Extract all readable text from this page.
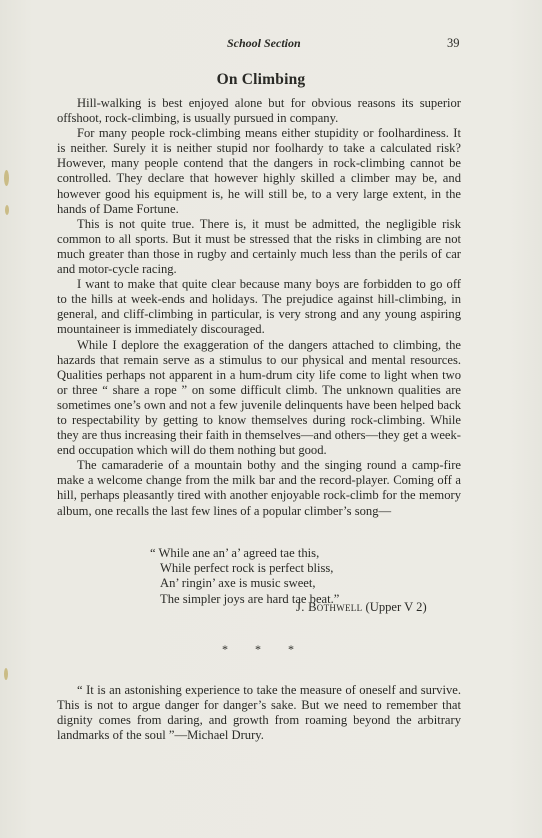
School Section	39
On Climbing

Hill-walking is best enjoyed alone but for obvious reasons its superior offshoot, rock-climbing, is usually pursued in company.

For many people rock-climbing means either stupidity or foolhardiness. It is neither. Surely it is neither stupid nor foolhardy to take a calculated risk? However, many people contend that the dangers in rock-climbing cannot be controlled. They declare that however highly skilled a climber may be, and however good his equipment is, he will still be, to a very large extent, in the hands of Dame Fortune.

This is not quite true. There is, it must be admitted, the negligible risk common to all sports. But it must be stressed that the risks in climbing are not much greater than those in rugby and certainly much less than the perils of car and motor-cycle racing.

I want to make that quite clear because many boys are forbidden to go off to the hills at week-ends and holidays. The prejudice against hill-climbing, in general, and cliff-climbing in particular, is very strong and any young aspiring mountaineer is immediately discouraged.

While I deplore the exaggeration of the dangers attached to climbing, the hazards that remain serve as a stimulus to our physical and mental resources. Qualities perhaps not apparent in a hum-drum city life come to light when two or three “ share a rope ” on some difficult climb. The unknown qualities are sometimes one’s own and not a few juvenile delinquents have been helped back to respectability by getting to know themselves during rock-climbing. While they are thus increasing their faith in themselves—and others—they get a week-end occupation which will do them nothing but good.

The camaraderie of a mountain bothy and the singing round a camp-fire make a welcome change from the milk bar and the record-player. Coming off a hill, perhaps pleasantly tired with another enjoyable rock-climb for the memory album, one recalls the last few lines of a popular climber’s song—

“ While ane an’ a’ agreed tae this,
While perfect rock is perfect bliss,
An’ ringin’ axe is music sweet,
The simpler joys are hard tae beat.”
J. Bothwell (Upper V 2)
* * *

“ It is an astonishing experience to take the measure of oneself and survive. This is not to argue danger for danger’s sake. But we need to remember that dignity comes from daring, and growth from roaming beyond the arbitrary landmarks of the soul ”—Michael Drury.
